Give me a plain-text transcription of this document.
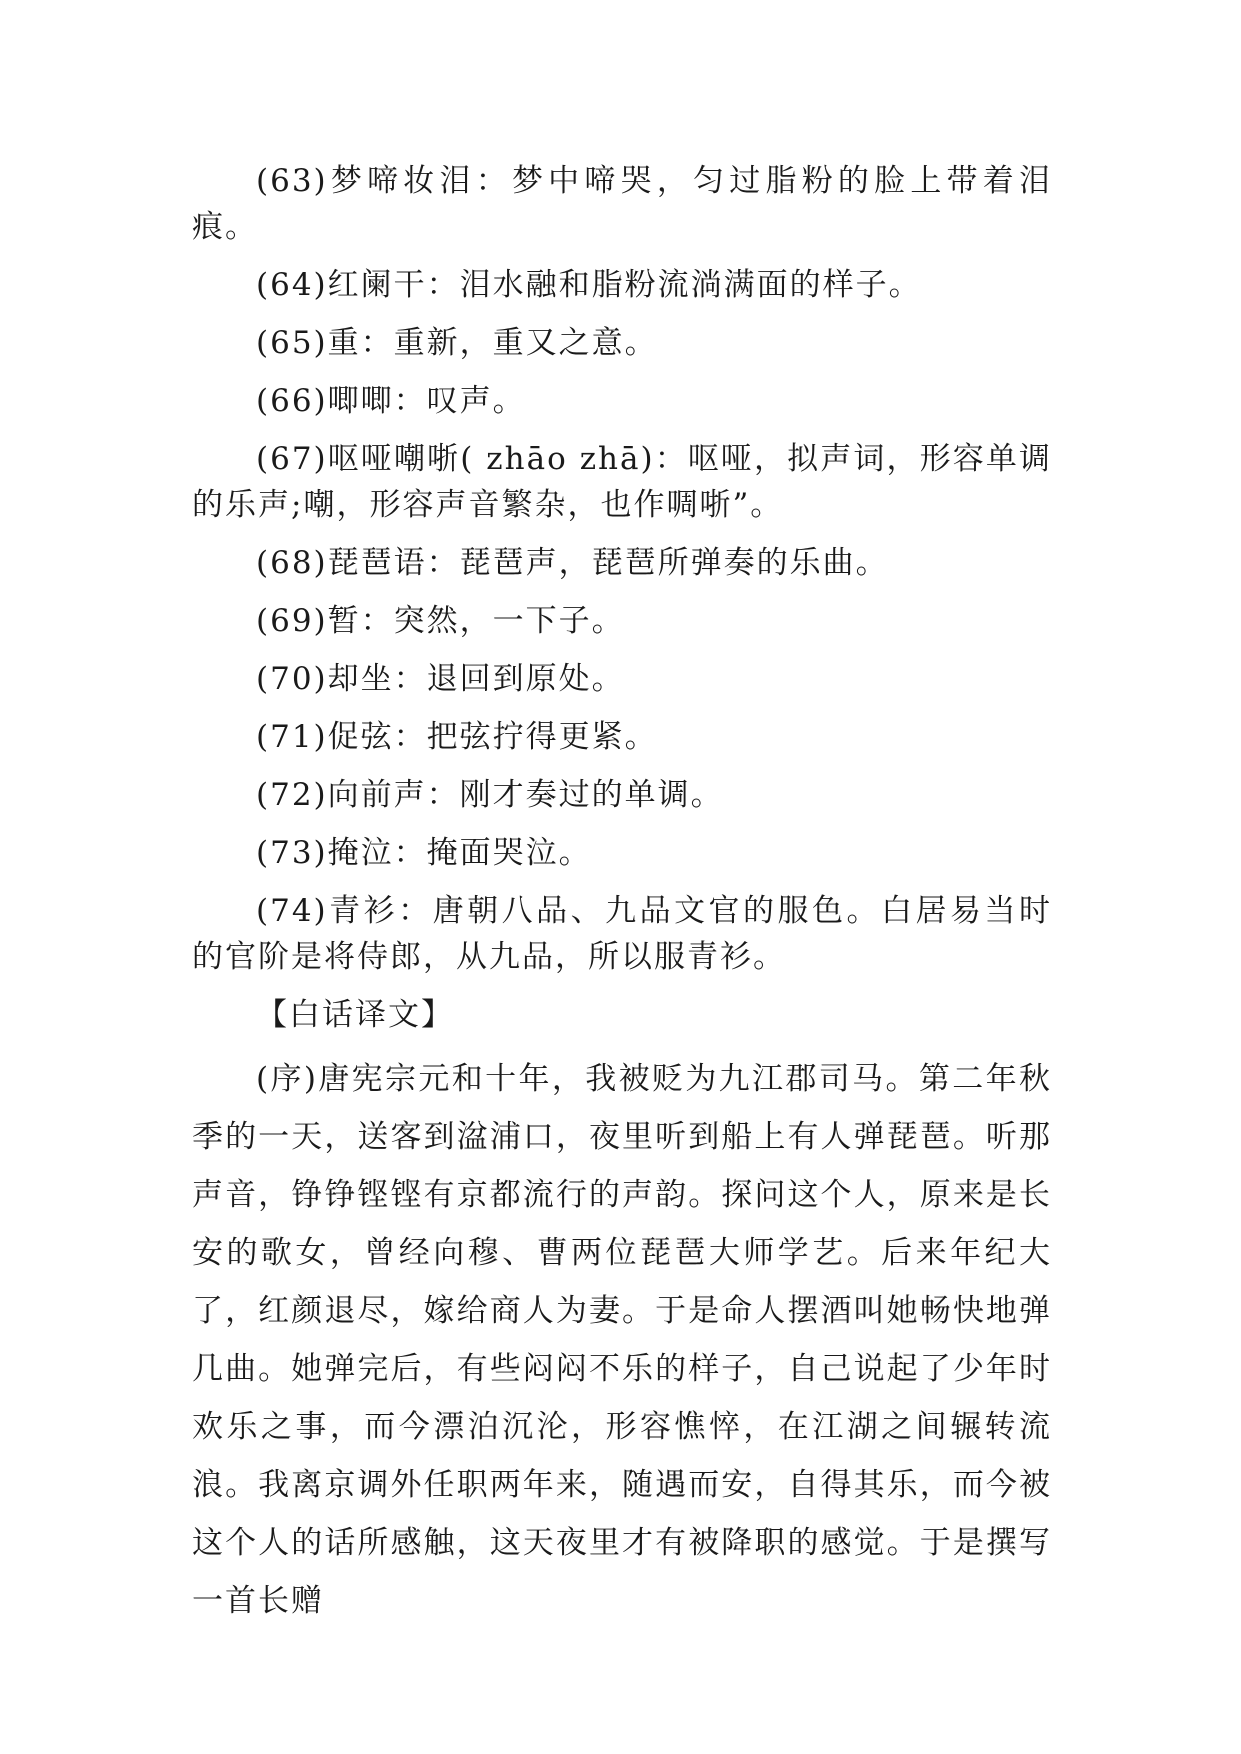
(63)梦啼妆泪：梦中啼哭，匀过脂粉的脸上带着泪痕。

(64)红阑干：泪水融和脂粉流淌满面的样子。

(65)重：重新，重又之意。

(66)唧唧：叹声。

(67)呕哑嘲哳( zhāo zhā)：呕哑，拟声词，形容单调的乐声;嘲，形容声音繁杂，也作啁哳”。

(68)琵琶语：琵琶声，琵琶所弹奏的乐曲。

(69)暂：突然，一下子。

(70)却坐：退回到原处。

(71)促弦：把弦拧得更紧。

(72)向前声：刚才奏过的单调。

(73)掩泣：掩面哭泣。

(74)青衫：唐朝八品、九品文官的服色。白居易当时的官阶是将侍郎，从九品，所以服青衫。

【白话译文】

(序)唐宪宗元和十年，我被贬为九江郡司马。第二年秋季的一天，送客到湓浦口，夜里听到船上有人弹琵琶。听那声音，铮铮铿铿有京都流行的声韵。探问这个人，原来是长安的歌女，曾经向穆、曹两位琵琶大师学艺。后来年纪大了，红颜退尽，嫁给商人为妻。于是命人摆酒叫她畅快地弹几曲。她弹完后，有些闷闷不乐的样子，自己说起了少年时欢乐之事，而今漂泊沉沦，形容憔悴，在江湖之间辗转流浪。我离京调外任职两年来，随遇而安，自得其乐，而今被这个人的话所感触，这天夜里才有被降职的感觉。于是撰写一首长赠
